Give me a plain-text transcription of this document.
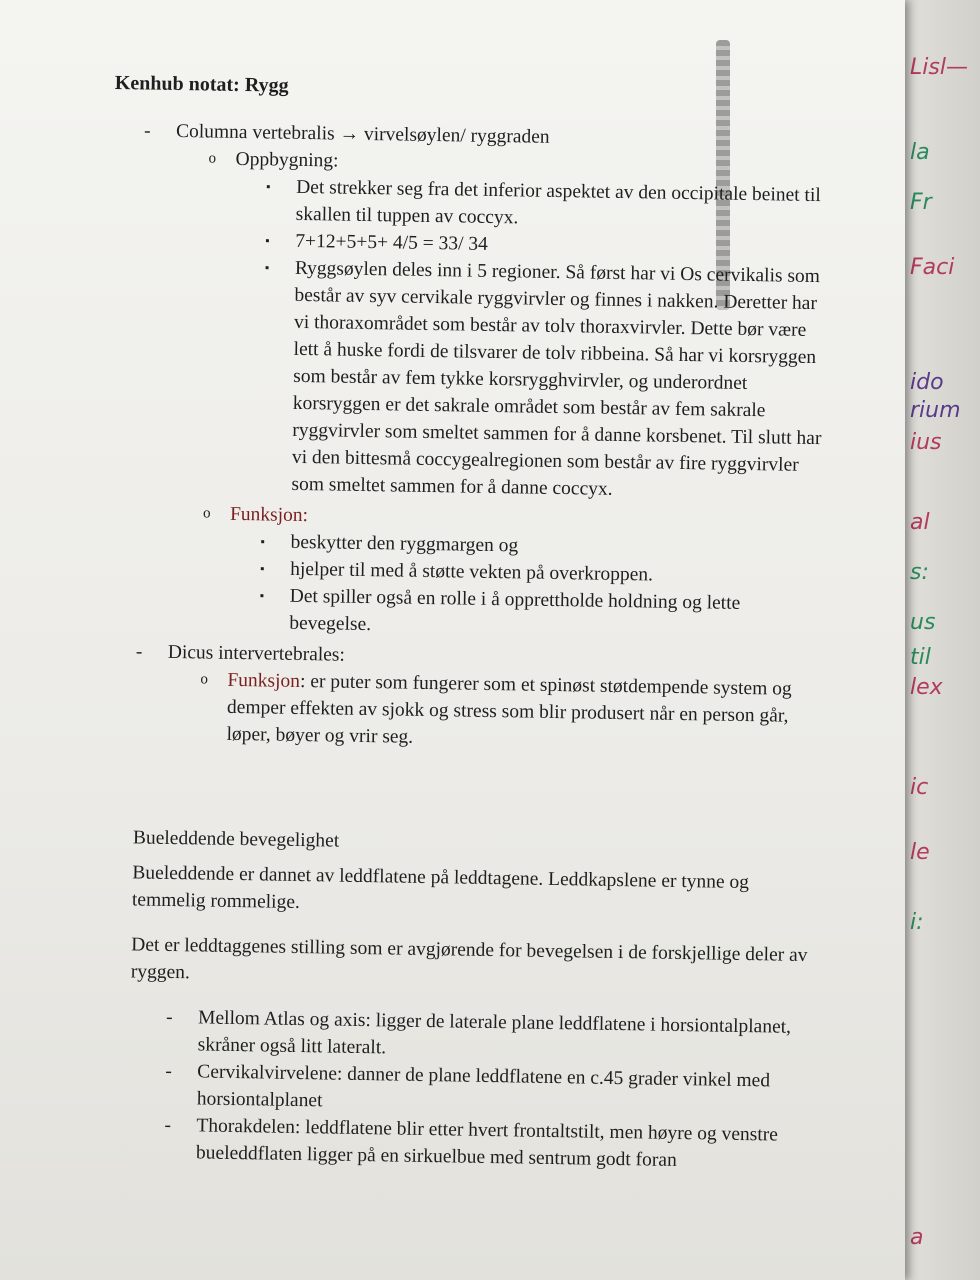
Lisl—
la
Fr
Faci
ido
rium
ius
al
s:
us
til
lex
ic
le
i:
a
Kenhub notat: Rygg
- Columna vertebralis → virvelsøylen/ ryggraden
o Oppbygning:
▪ Det strekker seg fra det inferior aspektet av den occipitale beinet til skallen til tuppen av coccyx.
▪ 7+12+5+5+ 4/5 = 33/ 34
▪ Ryggsøylen deles inn i 5 regioner. Så først har vi Os cervikalis som består av syv cervikale ryggvirvler og finnes i nakken. Deretter har vi thoraxområdet som består av tolv thoraxvirvler. Dette bør være lett å huske fordi de tilsvarer de tolv ribbeina. Så har vi korsryggen som består av fem tykke korsrygghvirvler, og underordnet korsryggen er det sakrale området som består av fem sakrale ryggvirvler som smeltet sammen for å danne korsbenet. Til slutt har vi den bittesmå coccygealregionen som består av fire ryggvirvler som smeltet sammen for å danne coccyx.
o Funksjon:
▪ beskytter den ryggmargen og
▪ hjelper til med å støtte vekten på overkroppen.
▪ Det spiller også en rolle i å opprettholde holdning og lette bevegelse.
- Dicus intervertebrales:
o Funksjon: er puter som fungerer som et spinøst støtdempende system og demper effekten av sjokk og stress som blir produsert når en person går, løper, bøyer og vrir seg.
Bueleddende bevegelighet
Bueleddende er dannet av leddflatene på leddtagene. Leddkapslene er tynne og temmelig rommelige.
Det er leddtaggenes stilling som er avgjørende for bevegelsen i de forskjellige deler av ryggen.
- Mellom Atlas og axis: ligger de laterale plane leddflatene i horsiontalplanet, skråner også litt lateralt.
- Cervikalvirvelene: danner de plane leddflatene en c.45 grader vinkel med horsiontalplanet
- Thorakdelen: leddflatene blir etter hvert frontaltstilt, men høyre og venstre bueleddflaten ligger på en sirkuelbue med sentrum godt foran
